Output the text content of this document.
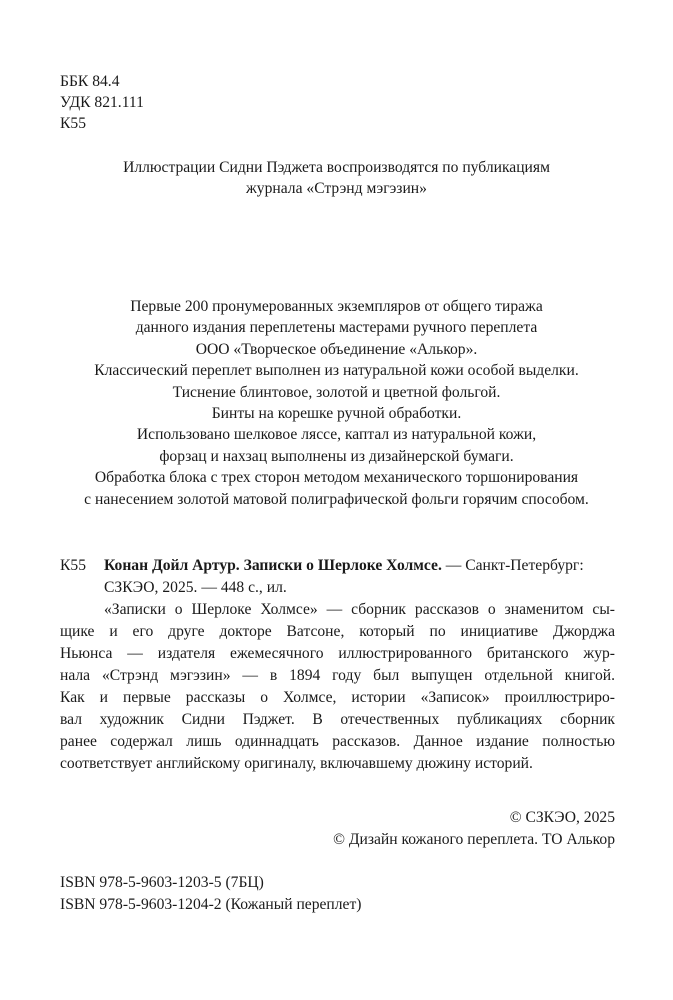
ББК 84.4
УДК 821.111
К55
Иллюстрации Сидни Пэджета воспроизводятся по публикациям
журнала «Стрэнд мэгэзин»
Первые 200 пронумерованных экземпляров от общего тиража
данного издания переплетены мастерами ручного переплета
ООО «Творческое объединение «Алькор».
Классический переплет выполнен из натуральной кожи особой выделки.
Тиснение блинтовое, золотой и цветной фольгой.
Бинты на корешке ручной обработки.
Использовано шелковое ляссе, каптал из натуральной кожи,
форзац и нахзац выполнены из дизайнерской бумаги.
Обработка блока с трех сторон методом механического торшонирования
с нанесением золотой матовой полиграфической фольги горячим способом.
К55 Конан Дойл Артур. Записки о Шерлоке Холмсе. — Санкт-Петербург:
СЗКЭО, 2025. — 448 с., ил.
«Записки о Шерлоке Холмсе» — сборник рассказов о знаменитом сы-
щике и его друге докторе Ватсоне, который по инициативе Джорджа
Ньюнса — издателя ежемесячного иллюстрированного британского жур-
нала «Стрэнд мэгэзин» — в 1894 году был выпущен отдельной книгой.
Как и первые рассказы о Холмсе, истории «Записок» проиллюстриро-
вал художник Сидни Пэджет. В отечественных публикациях сборник
ранее содержал лишь одиннадцать рассказов. Данное издание полностью
соответствует английскому оригиналу, включавшему дюжину историй.
© СЗКЭО, 2025
© Дизайн кожаного переплета. ТО Алькор
ISBN 978-5-9603-1203-5 (7БЦ)
ISBN 978-5-9603-1204-2 (Кожаный переплет)
